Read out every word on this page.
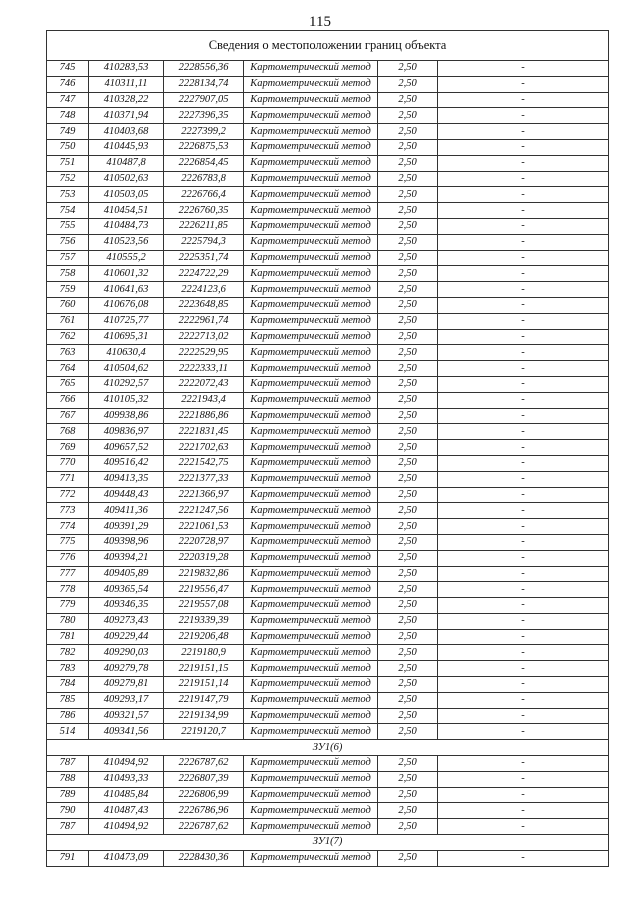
115
Сведения о местоположении границ объекта					
745	410283,53	2228556,36	Картометрический метод	2,50	-
746	410311,11	2228134,74	Картометрический метод	2,50	-
747	410328,22	2227907,05	Картометрический метод	2,50	-
748	410371,94	2227396,35	Картометрический метод	2,50	-
749	410403,68	2227399,2	Картометрический метод	2,50	-
750	410445,93	2226875,53	Картометрический метод	2,50	-
751	410487,8	2226854,45	Картометрический метод	2,50	-
752	410502,63	2226783,8	Картометрический метод	2,50	-
753	410503,05	2226766,4	Картометрический метод	2,50	-
754	410454,51	2226760,35	Картометрический метод	2,50	-
755	410484,73	2226211,85	Картометрический метод	2,50	-
756	410523,56	2225794,3	Картометрический метод	2,50	-
757	410555,2	2225351,74	Картометрический метод	2,50	-
758	410601,32	2224722,29	Картометрический метод	2,50	-
759	410641,63	2224123,6	Картометрический метод	2,50	-
760	410676,08	2223648,85	Картометрический метод	2,50	-
761	410725,77	2222961,74	Картометрический метод	2,50	-
762	410695,31	2222713,02	Картометрический метод	2,50	-
763	410630,4	2222529,95	Картометрический метод	2,50	-
764	410504,62	2222333,11	Картометрический метод	2,50	-
765	410292,57	2222072,43	Картометрический метод	2,50	-
766	410105,32	2221943,4	Картометрический метод	2,50	-
767	409938,86	2221886,86	Картометрический метод	2,50	-
768	409836,97	2221831,45	Картометрический метод	2,50	-
769	409657,52	2221702,63	Картометрический метод	2,50	-
770	409516,42	2221542,75	Картометрический метод	2,50	-
771	409413,35	2221377,33	Картометрический метод	2,50	-
772	409448,43	2221366,97	Картометрический метод	2,50	-
773	409411,36	2221247,56	Картометрический метод	2,50	-
774	409391,29	2221061,53	Картометрический метод	2,50	-
775	409398,96	2220728,97	Картометрический метод	2,50	-
776	409394,21	2220319,28	Картометрический метод	2,50	-
777	409405,89	2219832,86	Картометрический метод	2,50	-
778	409365,54	2219556,47	Картометрический метод	2,50	-
779	409346,35	2219557,08	Картометрический метод	2,50	-
780	409273,43	2219339,39	Картометрический метод	2,50	-
781	409229,44	2219206,48	Картометрический метод	2,50	-
782	409290,03	2219180,9	Картометрический метод	2,50	-
783	409279,78	2219151,15	Картометрический метод	2,50	-
784	409279,81	2219151,14	Картометрический метод	2,50	-
785	409293,17	2219147,79	Картометрический метод	2,50	-
786	409321,57	2219134,99	Картометрический метод	2,50	-
514	409341,56	2219120,7	Картометрический метод	2,50	-
ЗУ1(6)					
787	410494,92	2226787,62	Картометрический метод	2,50	-
788	410493,33	2226807,39	Картометрический метод	2,50	-
789	410485,84	2226806,99	Картометрический метод	2,50	-
790	410487,43	2226786,96	Картометрический метод	2,50	-
787	410494,92	2226787,62	Картометрический метод	2,50	-
ЗУ1(7)					
791	410473,09	2228430,36	Картометрический метод	2,50	-
